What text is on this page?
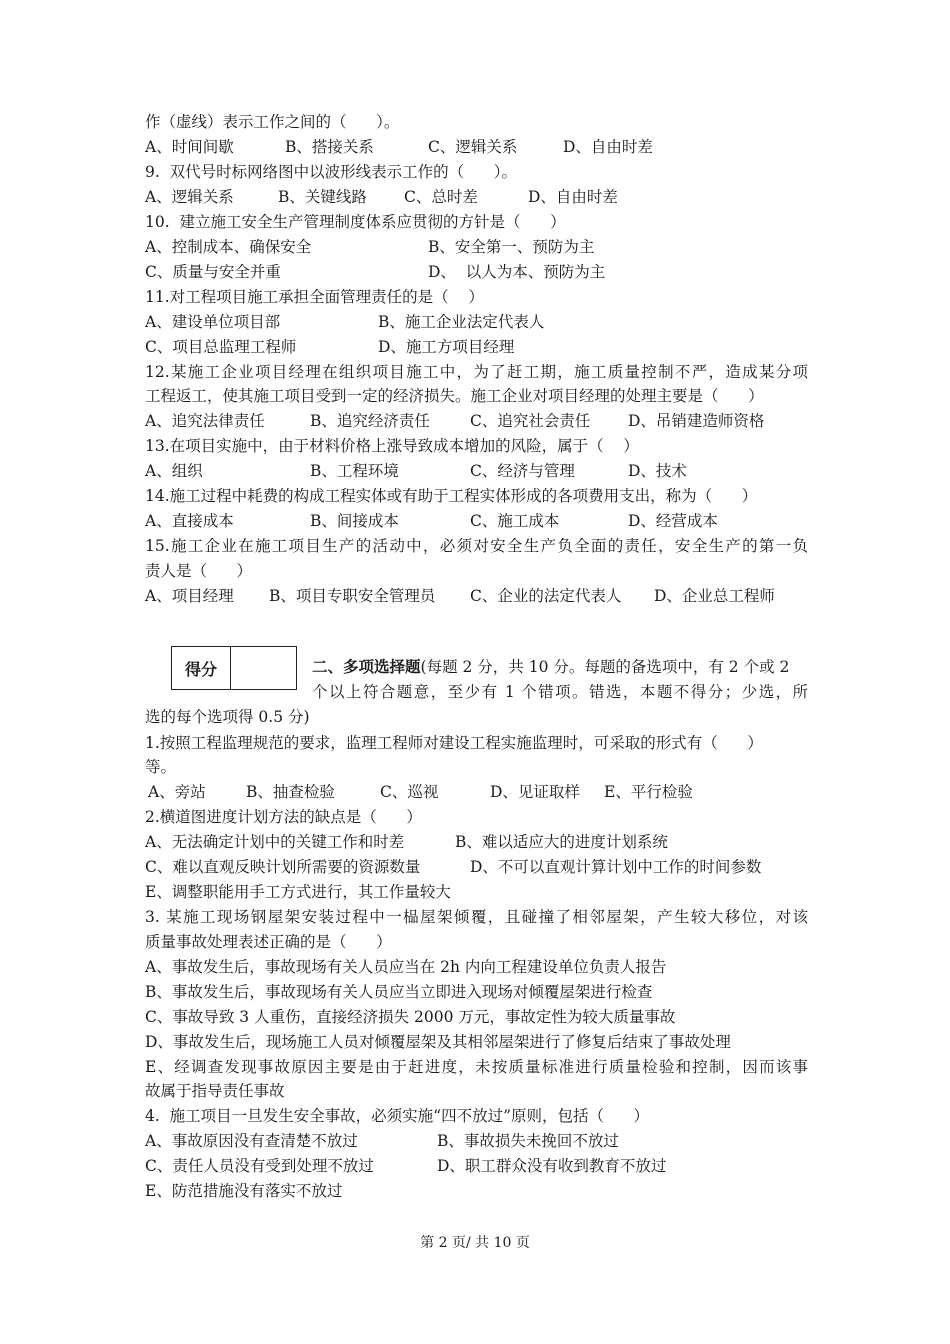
作（虚线）表示工作之间的（      ）。
A、时间间歇	B、搭接关系	C、逻辑关系	D、自由时差
9.  双代号时标网络图中以波形线表示工作的（      ）。
A、逻辑关系	B、关键线路 C、总时差	D、自由时差
10.  建立施工安全生产管理制度体系应贯彻的方针是（      ）
A、控制成本、确保安全	B、安全第一、预防为主
C、质量与安全并重	D、  以人为本、预防为主
11.对工程项目施工承担全面管理责任的是（    ）
A、建设单位项目部	B、施工企业法定代表人
C、项目总监理工程师	D、施工方项目经理
12.某施工企业项目经理在组织项目施工中，为了赶工期，施工质量控制不严，造成某分项
工程返工，使其施工项目受到一定的经济损失。施工企业对项目经理的处理主要是（      ）
A、追究法律责任	B、追究经济责任	C、追究社会责任 D、吊销建造师资格
13.在项目实施中，由于材料价格上涨导致成本增加的风险，属于（    ）
A、组织	B、工程环境	C、经济与管理	D、技术
14.施工过程中耗费的构成工程实体或有助于工程实体形成的各项费用支出，称为（      ）
A、直接成本	B、间接成本	C、施工成本	D、经营成本
15.施工企业在施工项目生产的活动中，必须对安全生产负全面的责任，安全生产的第一负
责人是（      ）
A、项目经理 B、项目专职安全管理员 C、企业的法定代表人 D、企业总工程师
得分	二、多项选择题(每题 2 分，共 10 分。每题的备选项中，有 2 个或 2
个以上符合题意，至少有 1 个错项。错选，本题不得分；少选，所
选的每个选项得 0.5 分)
1.按照工程监理规范的要求，监理工程师对建设工程实施监理时，可采取的形式有（      ）
等。
A、旁站	B、抽查检验	C、巡视	D、见证取样 E、平行检验
2.横道图进度计划方法的缺点是（      ）
A、无法确定计划中的关键工作和时差	B、难以适应大的进度计划系统
C、难以直观反映计划所需要的资源数量	D、不可以直观计算计划中工作的时间参数
E、调整职能用手工方式进行，其工作量较大
3. 某施工现场钢屋架安装过程中一榀屋架倾覆，且碰撞了相邻屋架，产生较大移位，对该
质量事故处理表述正确的是（      ）
A、事故发生后，事故现场有关人员应当在 2h 内向工程建设单位负责人报告
B、事故发生后，事故现场有关人员应当立即进入现场对倾覆屋架进行检查
C、事故导致 3 人重伤，直接经济损失 2000 万元，事故定性为较大质量事故
D、事故发生后，现场施工人员对倾覆屋架及其相邻屋架进行了修复后结束了事故处理
E、经调查发现事故原因主要是由于赶进度，未按质量标准进行质量检验和控制，因而该事
故属于指导责任事故
4.  施工项目一旦发生安全事故，必须实施“四不放过”原则，包括（      ）
A、事故原因没有查清楚不放过	B、事故损失未挽回不放过
C、责任人员没有受到处理不放过	D、职工群众没有收到教育不放过
E、防范措施没有落实不放过
第 2 页/ 共 10 页
